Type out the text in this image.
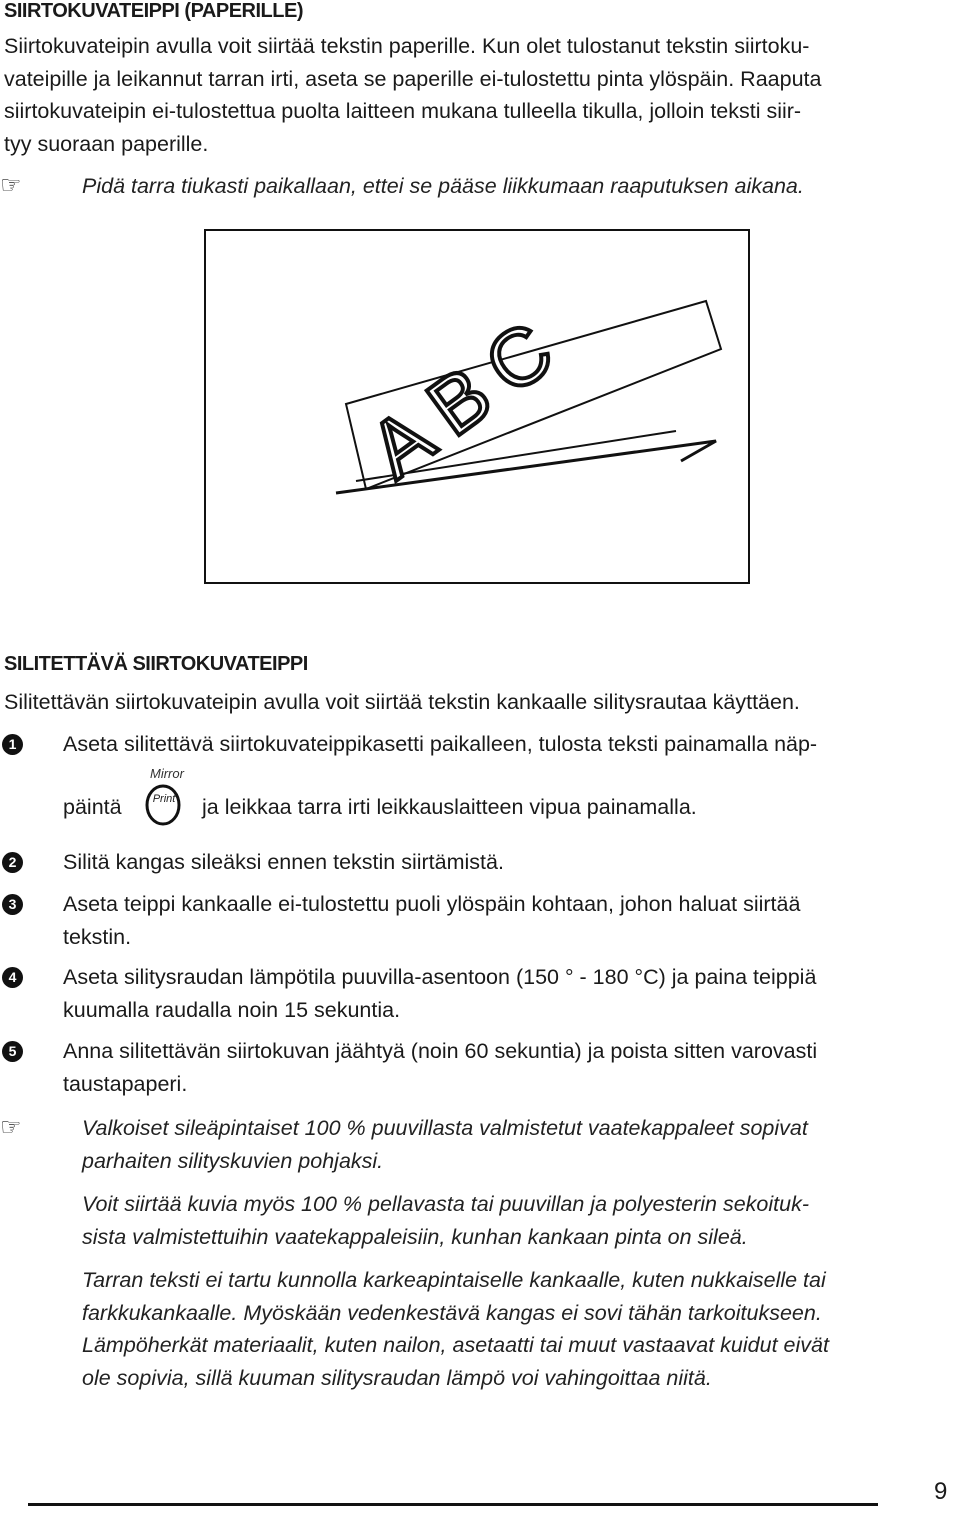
SIIRTOKUVATEIPPI (PAPERILLE)
Siirtokuvateipin avulla voit siirtää tekstin paperille. Kun olet tulostanut tekstin siirtoku-
vateipille ja leikannut tarran irti, aseta se paperille ei-tulostettu pinta ylöspäin. Raaputa
siirtokuvateipin ei-tulostettua puolta laitteen mukana tulleella tikulla, jolloin teksti siir-
tyy suoraan paperille.
☞	Pidä tarra tiukasti paikallaan, ettei se pääse liikkumaan raaputuksen aikana.
ABC
SILITETTÄVÄ SIIRTOKUVATEIPPI
Silitettävän siirtokuvateipin avulla voit siirtää tekstin kankaalle silitysrautaa käyttäen.
1	Aseta silitettävä siirtokuvateippikasetti paikalleen, tulosta teksti painamalla näp-
Mirror
Print
päintä	ja leikkaa tarra irti leikkauslaitteen vipua painamalla.
2	Silitä kangas sileäksi ennen tekstin siirtämistä.
3	Aseta teippi kankaalle ei-tulostettu puoli ylöspäin kohtaan, johon haluat siirtää
tekstin.
4	Aseta silitysraudan lämpötila puuvilla-asentoon (150 ° - 180 °C) ja paina teippiä
kuumalla raudalla noin 15 sekuntia.
5	Anna silitettävän siirtokuvan jäähtyä (noin 60 sekuntia) ja poista sitten varovasti
taustapaperi.
☞	Valkoiset sileäpintaiset 100 % puuvillasta valmistetut vaatekappaleet sopivat
parhaiten silityskuvien pohjaksi.
Voit siirtää kuvia myös 100 % pellavasta tai puuvillan ja polyesterin sekoituk-
sista valmistettuihin vaatekappaleisiin, kunhan kankaan pinta on sileä.
Tarran teksti ei tartu kunnolla karkeapintaiselle kankaalle, kuten nukkaiselle tai
farkkukankaalle. Myöskään vedenkestävä kangas ei sovi tähän tarkoitukseen.
Lämpöherkät materiaalit, kuten nailon, asetaatti tai muut vastaavat kuidut eivät
ole sopivia, sillä kuuman silitysraudan lämpö voi vahingoittaa niitä.
9
